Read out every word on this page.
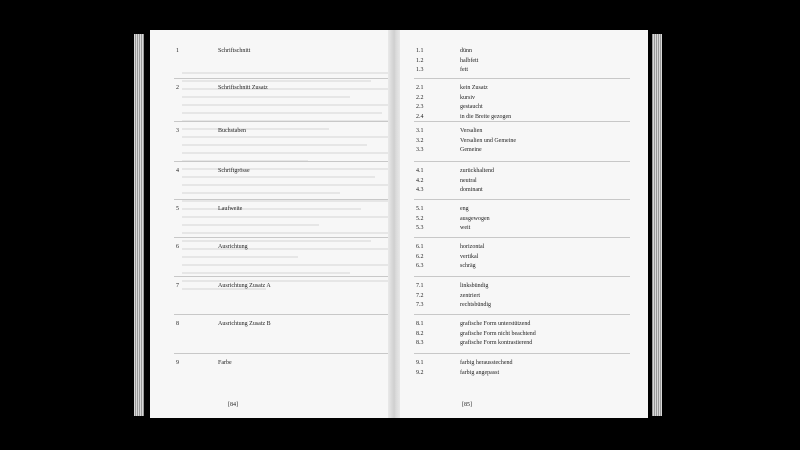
1	Schriftschnitt
2	Schriftschnitt Zusatz
3	Buchstaben
4	Schriftgrösse
5	Laufweite
6	Ausrichtung
7	Ausrichtung Zusatz A
8	Ausrichtung Zusatz B
9	Farbe
[84]
1.1	dünn
1.2	halbfett
1.3	fett
2.1	kein Zusatz
2.2	kursiv
2.3	gestaucht
2.4	in die Breite gezogen
3.1	Versalien
3.2	Versalien und Gemeine
3.3	Gemeine
4.1	zurückhaltend
4.2	neutral
4.3	dominant
5.1	eng
5.2	ausgewogen
5.3	weit
6.1	horizontal
6.2	vertikal
6.3	schräg
7.1	linksbündig
7.2	zentriert
7.3	rechtsbündig
8.1	grafische Form unterstützend
8.2	grafische Form nicht beachtend
8.3	grafische Form kontrastierend
9.1	farbig herausstechend
9.2	farbig angepasst
[85]
